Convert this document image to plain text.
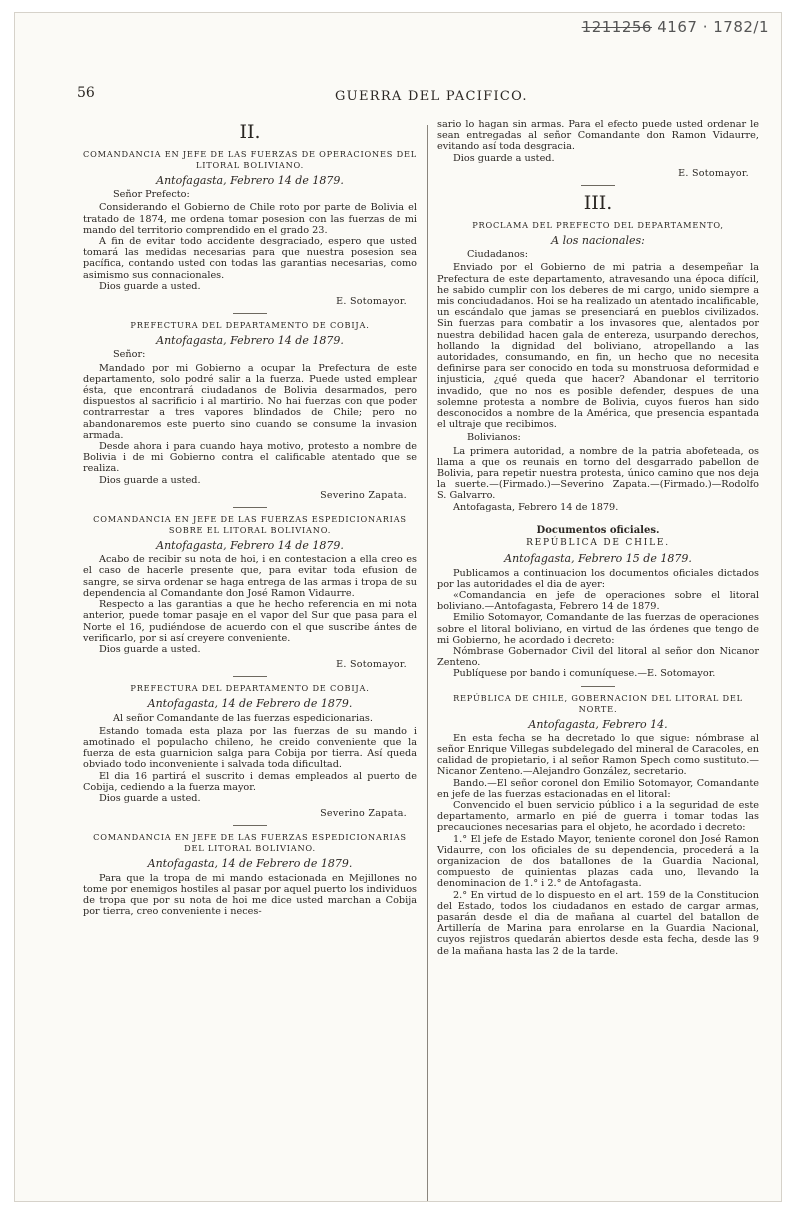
1211256 4167 · 1782/1
56	GUERRA DEL PACIFICO.
II.
COMANDANCIA EN JEFE DE LAS FUERZAS DE OPERACIONES DEL LITORAL BOLIVIANO.
Antofagasta, Febrero 14 de 1879.

Señor Prefecto:

Considerando el Gobierno de Chile roto por parte de Bolivia el tratado de 1874, me ordena tomar posesion con las fuerzas de mi mando del territorio comprendido en el grado 23.

A fin de evitar todo accidente desgraciado, espero que usted tomará las medidas necesarias para que nuestra posesion sea pacífica, contando usted con todas las garantias necesarias, como asimismo sus connacionales.

Dios guarde a usted.

E. Sotomayor.
PREFECTURA DEL DEPARTAMENTO DE COBIJA.
Antofagasta, Febrero 14 de 1879.

Señor:

Mandado por mi Gobierno a ocupar la Prefectura de este departamento, solo podré salir a la fuerza. Puede usted emplear ésta, que encontrará ciudadanos de Bolivia desarmados, pero dispuestos al sacrificio i al martirio. No hai fuerzas con que poder contrarrestar a tres vapores blindados de Chile; pero no abandonaremos este puerto sino cuando se consume la invasion armada.

Desde ahora i para cuando haya motivo, protesto a nombre de Bolivia i de mi Gobierno contra el calificable atentado que se realiza.

Dios guarde a usted.

Severino Zapata.
COMANDANCIA EN JEFE DE LAS FUERZAS ESPEDICIONARIAS SOBRE EL LITORAL BOLIVIANO.
Antofagasta, Febrero 14 de 1879.

Acabo de recibir su nota de hoi, i en contestacion a ella creo es el caso de hacerle presente que, para evitar toda efusion de sangre, se sirva ordenar se haga entrega de las armas i tropa de su dependencia al Comandante don José Ramon Vidaurre.

Respecto a las garantias a que he hecho referencia en mi nota anterior, puede tomar pasaje en el vapor del Sur que pasa para el Norte el 16, pudiéndose de acuerdo con el que suscribe ántes de verificarlo, por si así creyere conveniente.

Dios guarde a usted.

E. Sotomayor.
PREFECTURA DEL DEPARTAMENTO DE COBIJA.
Antofagasta, 14 de Febrero de 1879.

Al señor Comandante de las fuerzas espedicionarias.

Estando tomada esta plaza por las fuerzas de su mando i amotinado el populacho chileno, he creido conveniente que la fuerza de esta guarnicion salga para Cobija por tierra. Así queda obviado todo inconveniente i salvada toda dificultad.

El dia 16 partirá el suscrito i demas empleados al puerto de Cobija, cediendo a la fuerza mayor.

Dios guarde a usted.

Severino Zapata.
COMANDANCIA EN JEFE DE LAS FUERZAS ESPEDICIONARIAS DEL LITORAL BOLIVIANO.
Antofagasta, 14 de Febrero de 1879.

Para que la tropa de mi mando estacionada en Mejillones no tome por enemigos hostiles al pasar por aquel puerto los individuos de tropa que por su nota de hoi me dice usted marchan a Cobija por tierra, creo conveniente i neces-

sario lo hagan sin armas. Para el efecto puede usted ordenar le sean entregadas al señor Comandante don Ramon Vidaurre, evitando así toda desgracia.

Dios guarde a usted.

E. Sotomayor.
III.
PROCLAMA DEL PREFECTO DEL DEPARTAMENTO,
A los nacionales:

Ciudadanos:

Enviado por el Gobierno de mi patria a desempeñar la Prefectura de este departamento, atravesando una época difícil, he sabido cumplir con los deberes de mi cargo, unido siempre a mis conciudadanos. Hoi se ha realizado un atentado incalificable, un escándalo que jamas se presenciará en pueblos civilizados. Sin fuerzas para combatir a los invasores que, alentados por nuestra debilidad hacen gala de entereza, usurpando derechos, hollando la dignidad del boliviano, atropellando a las autoridades, consumando, en fin, un hecho que no necesita definirse para ser conocido en toda su monstruosa deformidad e injusticia, ¿qué queda que hacer? Abandonar el territorio invadido, que no nos es posible defender, despues de una solemne protesta a nombre de Bolivia, cuyos fueros han sido desconocidos a nombre de la América, que presencia espantada el ultraje que recibimos.

Bolivianos:

La primera autoridad, a nombre de la patria abofeteada, os llama a que os reunais en torno del desgarrado pabellon de Bolivia, para repetir nuestra protesta, único camino que nos deja la suerte.—(Firmado.)—Severino Zapata.—(Firmado.)—Rodolfo S. Galvarro.

Antofagasta, Febrero 14 de 1879.

Documentos oficiales.
REPÚBLICA DE CHILE.
Antofagasta, Febrero 15 de 1879.

Publicamos a continuacion los documentos oficiales dictados por las autoridades el dia de ayer:

«Comandancia en jefe de operaciones sobre el litoral boliviano.—Antofagasta, Febrero 14 de 1879.

Emilio Sotomayor, Comandante de las fuerzas de operaciones sobre el litoral boliviano, en virtud de las órdenes que tengo de mi Gobierno, he acordado i decreto:

Nómbrase Gobernador Civil del litoral al señor don Nicanor Zenteno.

Publíquese por bando i comuníquese.—E. Sotomayor.

REPÚBLICA DE CHILE, GOBERNACION DEL LITORAL DEL NORTE.
Antofagasta, Febrero 14.

En esta fecha se ha decretado lo que sigue: nómbrase al señor Enrique Villegas subdelegado del mineral de Caracoles, en calidad de propietario, i al señor Ramon Spech como sustituto.—Nicanor Zenteno.—Alejandro González, secretario.

Bando.—El señor coronel don Emilio Sotomayor, Comandante en jefe de las fuerzas estacionadas en el litoral:

Convencido el buen servicio público i a la seguridad de este departamento, armarlo en pié de guerra i tomar todas las precauciones necesarias para el objeto, he acordado i decreto:

1.° El jefe de Estado Mayor, teniente coronel don José Ramon Vidaurre, con los oficiales de su dependencia, procederá a la organizacion de dos batallones de la Guardia Nacional, compuesto de quinientas plazas cada uno, llevando la denominacion de 1.° i 2.° de Antofagasta.

2.° En virtud de lo dispuesto en el art. 159 de la Constitucion del Estado, todos los ciudadanos en estado de cargar armas, pasarán desde el dia de mañana al cuartel del batallon de Artillería de Marina para enrolarse en la Guardia Nacional, cuyos rejistros quedarán abiertos desde esta fecha, desde las 9 de la mañana hasta las 2 de la tarde.
